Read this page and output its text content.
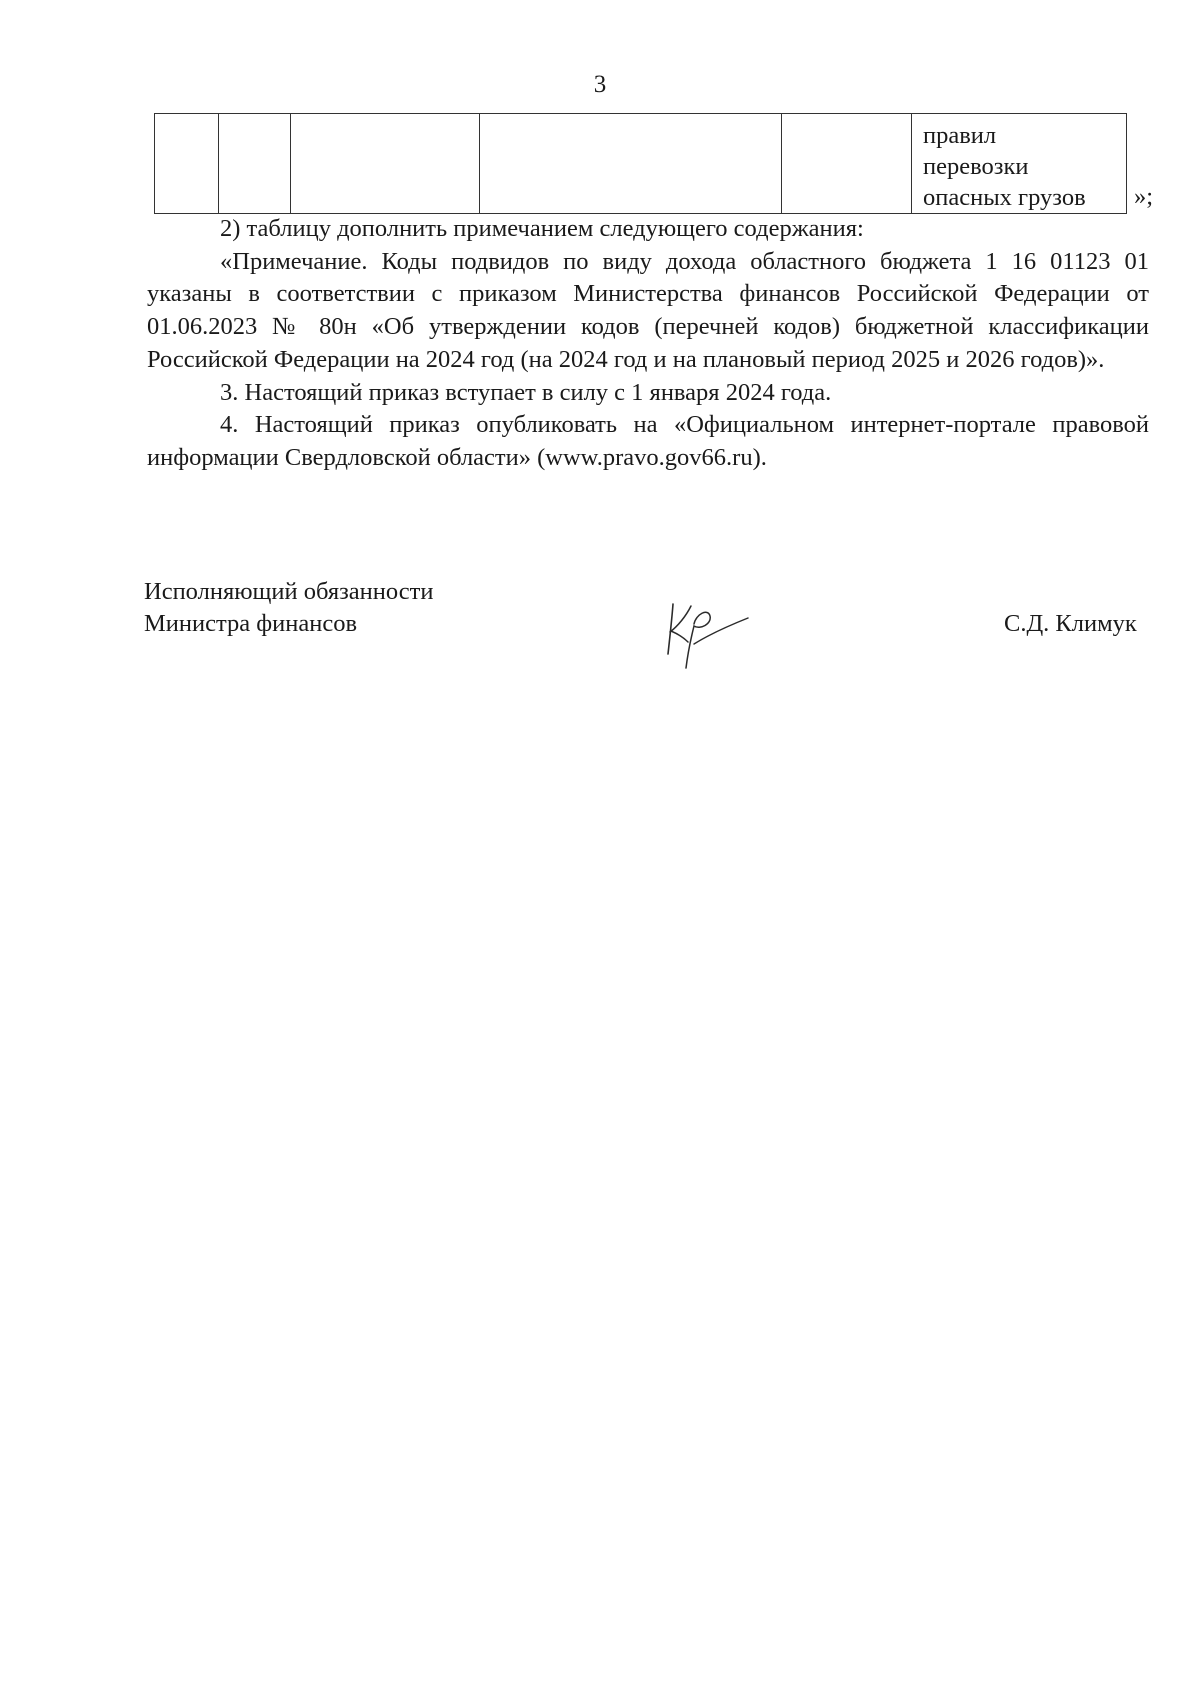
3

правил
перевозки
опасных грузов	»;

2) таблицу дополнить примечанием следующего содержания:

«Примечание. Коды подвидов по виду дохода областного бюджета 1 16 01123 01 указаны в соответствии с приказом Министерства финансов Российской Федерации от 01.06.2023 № 80н «Об утверждении кодов (перечней кодов) бюджетной классификации Российской Федерации на 2024 год (на 2024 год и на плановый период 2025 и 2026 годов)».

3. Настоящий приказ вступает в силу с 1 января 2024 года.

4. Настоящий приказ опубликовать на «Официальном интернет-портале правовой информации Свердловской области» (www.pravo.gov66.ru).

Исполняющий обязанности
Министра финансов	С.Д. Климук
